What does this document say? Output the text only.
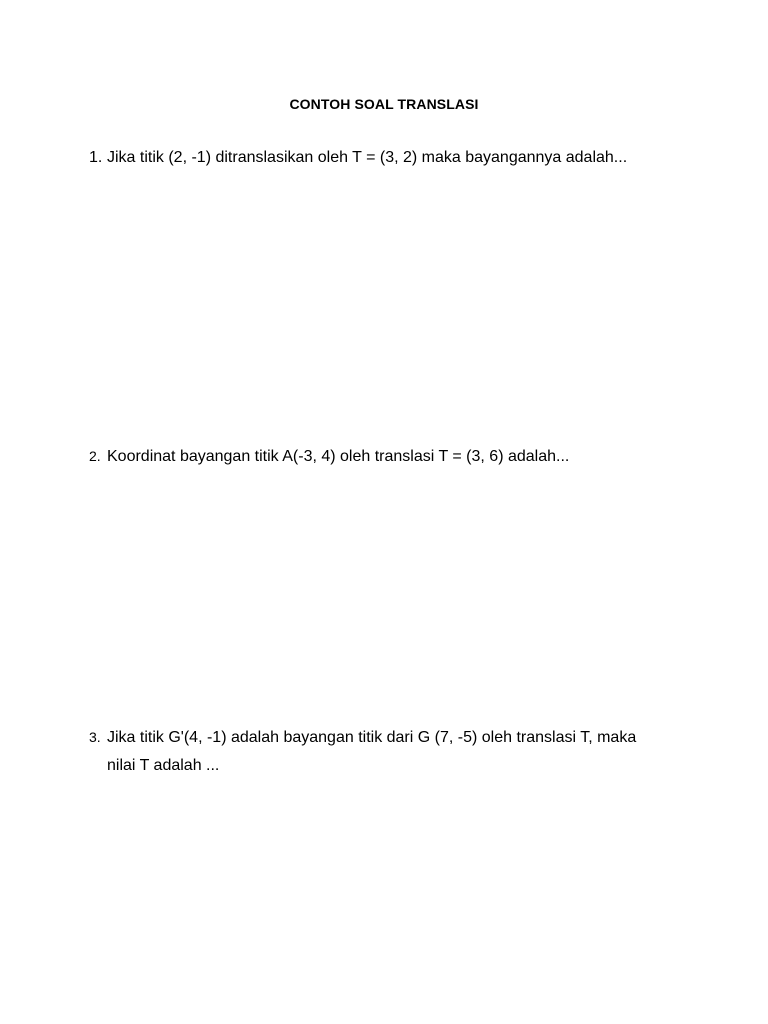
CONTOH SOAL TRANSLASI
1. Jika titik (2, -1) ditranslasikan oleh T = (3, 2) maka bayangannya adalah...
2. Koordinat bayangan titik A(-3, 4) oleh translasi T = (3, 6) adalah...
3. Jika titik G'(4, -1) adalah bayangan titik dari G (7, -5) oleh translasi T, maka
nilai T adalah ...
